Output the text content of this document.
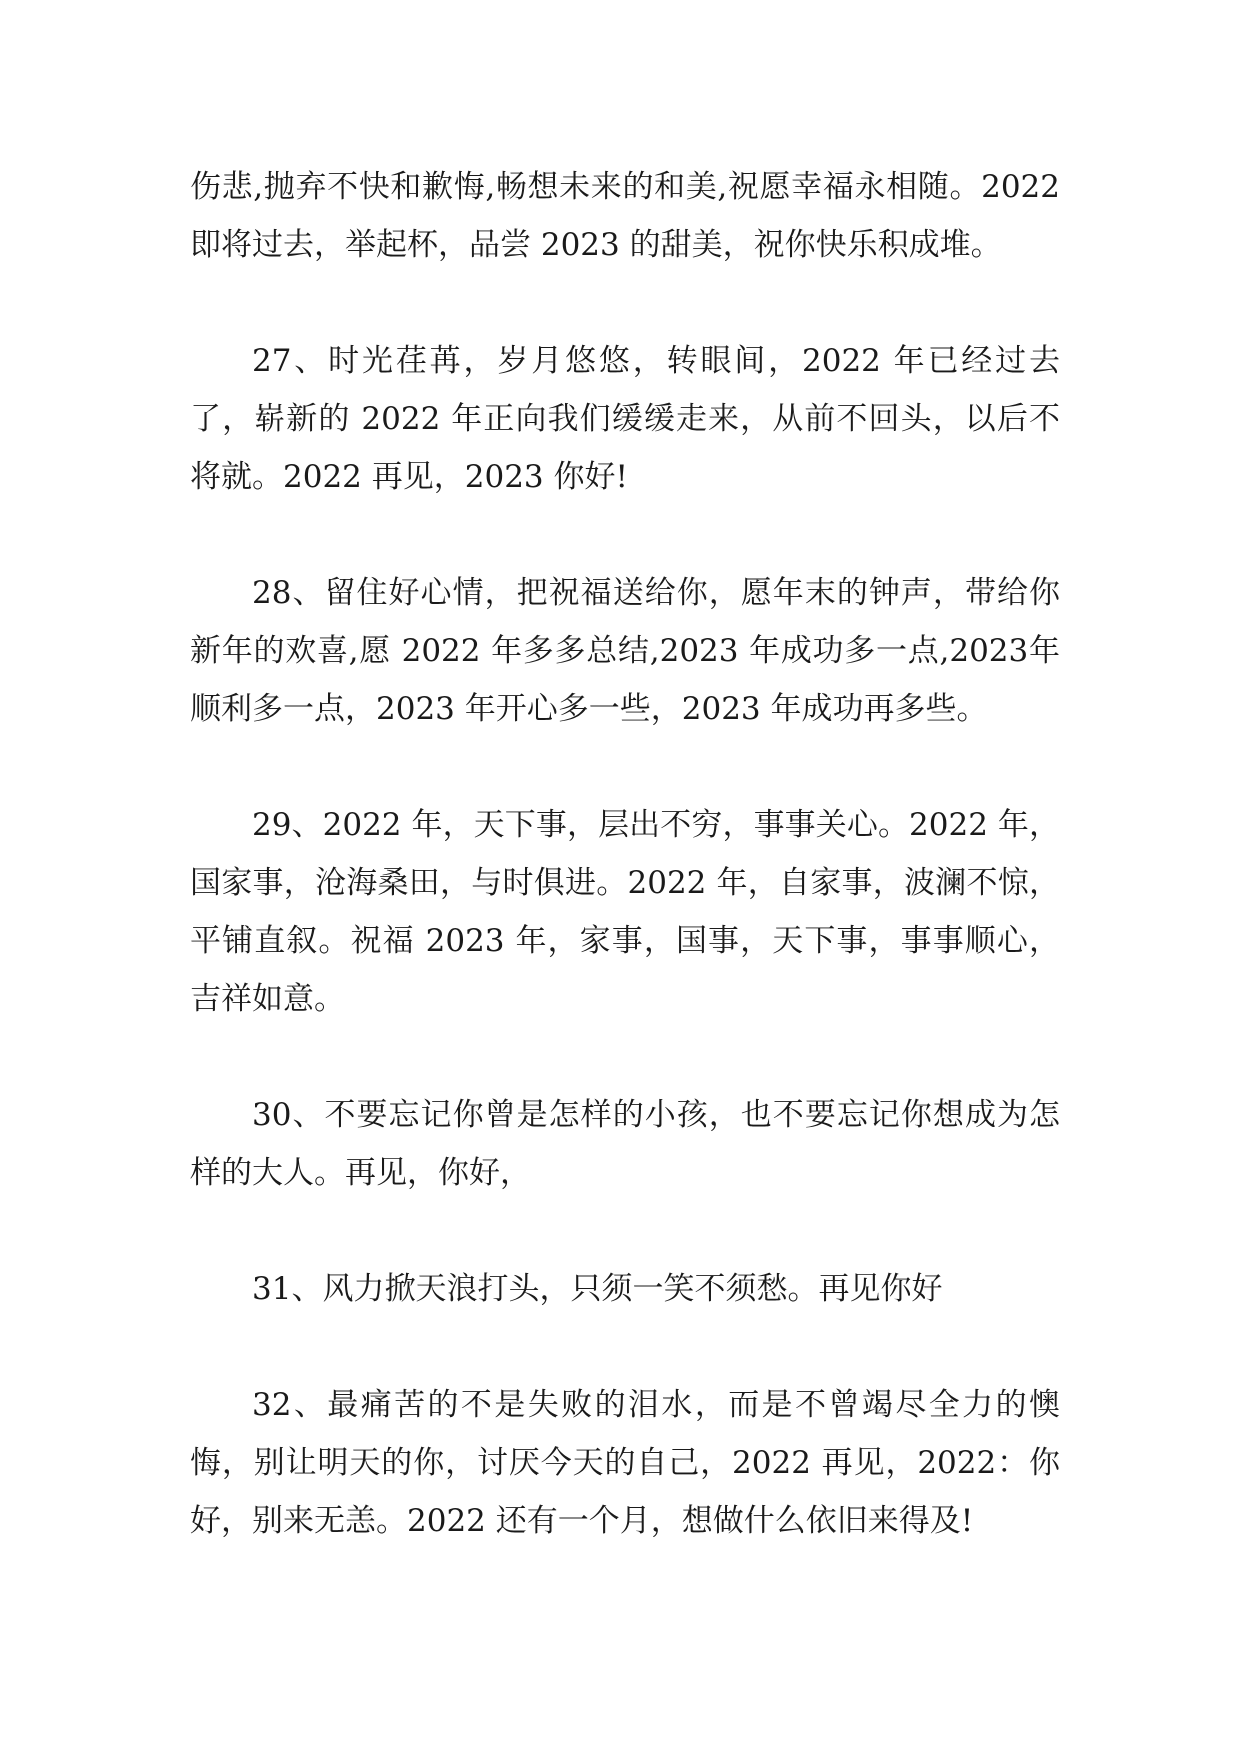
伤悲,抛弃不快和歉悔,畅想未来的和美,祝愿幸福永相随。2022即将过去，举起杯，品尝 2023 的甜美，祝你快乐积成堆。

27、时光荏苒，岁月悠悠，转眼间，2022 年已经过去了，崭新的 2022 年正向我们缓缓走来，从前不回头，以后不将就。2022 再见，2023 你好!

28、留住好心情，把祝福送给你，愿年末的钟声，带给你新年的欢喜,愿 2022 年多多总结,2023 年成功多一点,2023年顺利多一点，2023 年开心多一些，2023 年成功再多些。

29、2022 年，天下事，层出不穷，事事关心。2022 年，国家事，沧海桑田，与时俱进。2022 年，自家事，波澜不惊，平铺直叙。祝福 2023 年，家事，国事，天下事，事事顺心，吉祥如意。

30、不要忘记你曾是怎样的小孩，也不要忘记你想成为怎样的大人。再见，你好，

31、风力掀天浪打头，只须一笑不须愁。再见你好

32、最痛苦的不是失败的泪水，而是不曾竭尽全力的懊悔，别让明天的你，讨厌今天的自己，2022 再见，2022：你好，别来无恙。2022 还有一个月，想做什么依旧来得及!
